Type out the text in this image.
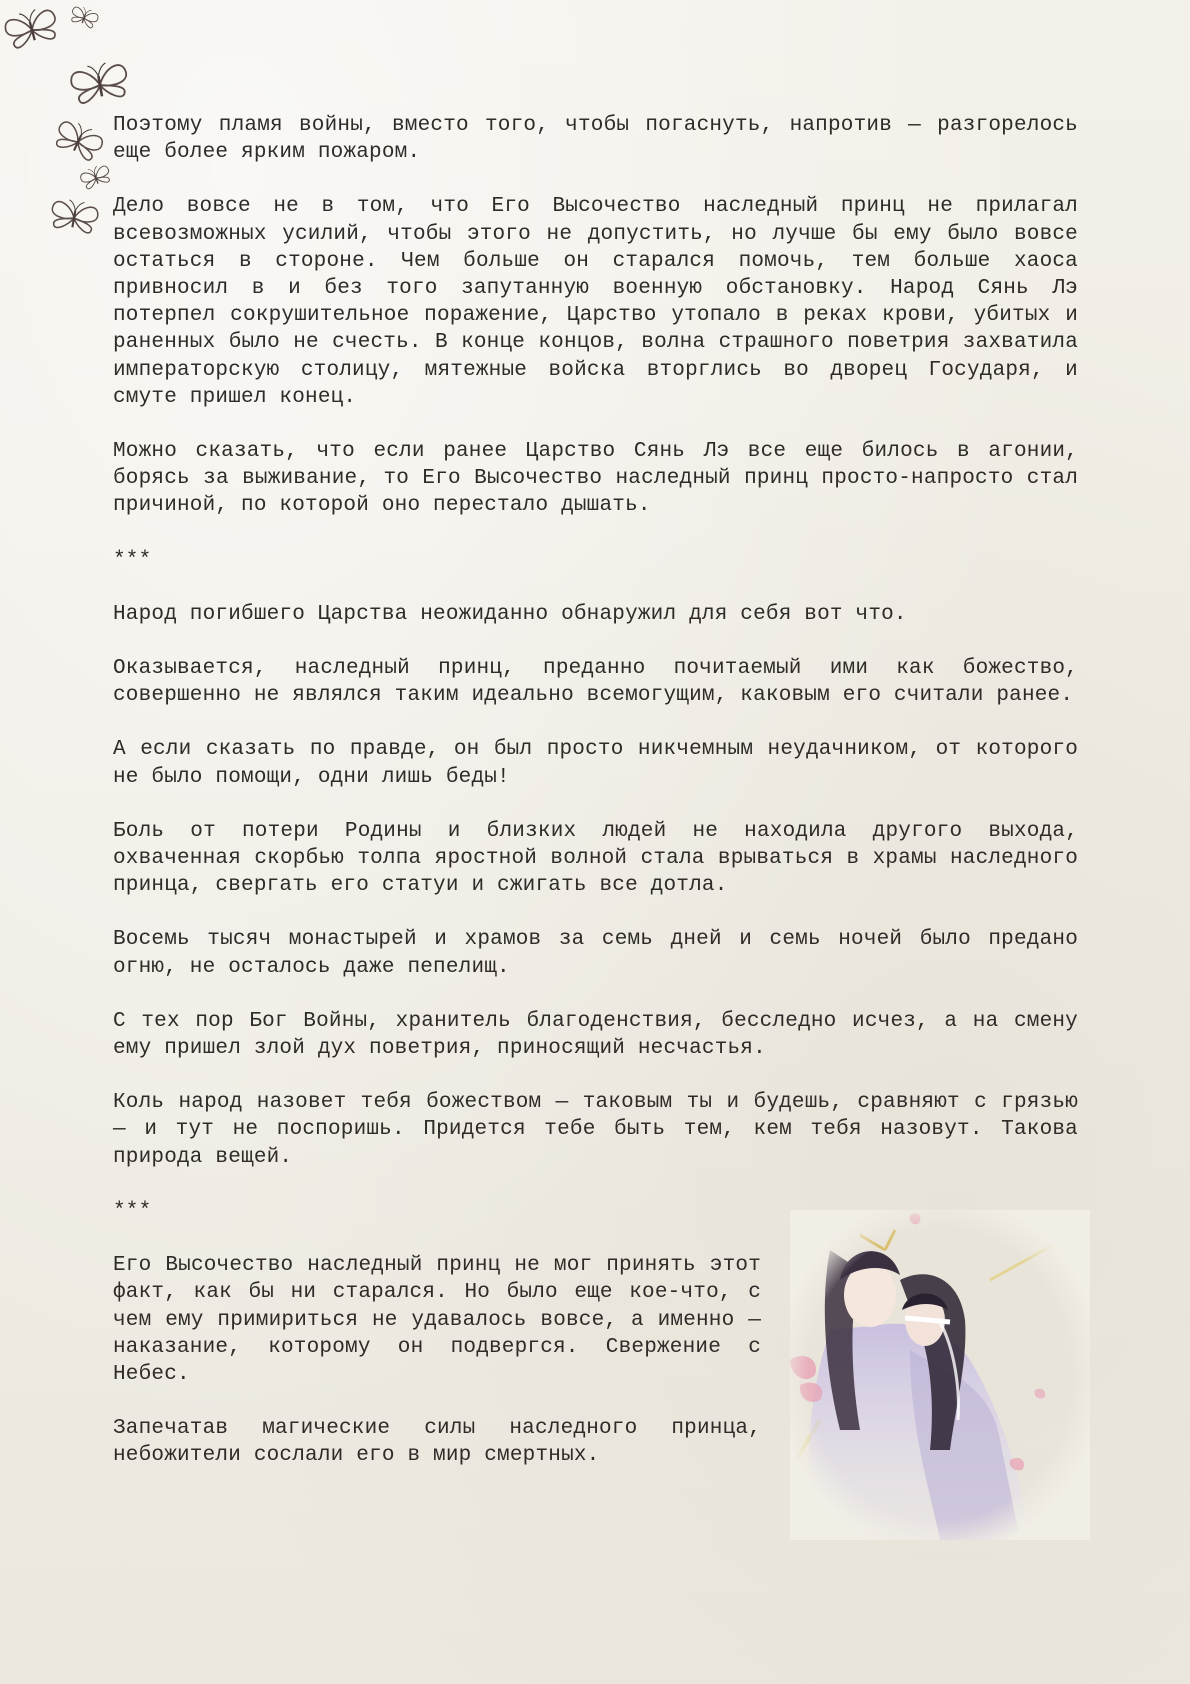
Поэтому пламя войны, вместо того, чтобы погаснуть, напротив — разгорелось еще более ярким пожаром.

Дело вовсе не в том, что Его Высочество наследный принц не прилагал всевозможных усилий, чтобы этого не допустить, но лучше бы ему было вовсе остаться в стороне. Чем больше он старался помочь, тем больше хаоса привносил в и без того запутанную военную обстановку. Народ Сянь Лэ потерпел сокрушительное поражение, Царство утопало в реках крови, убитых и раненных было не счесть. В конце концов, волна страшного поветрия захватила императорскую столицу, мятежные войска вторглись во дворец Государя, и смуте пришел конец.

Можно сказать, что если ранее Царство Сянь Лэ все еще билось в агонии, борясь за выживание, то Его Высочество наследный принц просто-напросто стал причиной, по которой оно перестало дышать.

***

Народ погибшего Царства неожиданно обнаружил для себя вот что.

Оказывается, наследный принц, преданно почитаемый ими как божество, совершенно не являлся таким идеально всемогущим, каковым его считали ранее.

А если сказать по правде, он был просто никчемным неудачником, от которого не было помощи, одни лишь беды!

Боль от потери Родины и близких людей не находила другого выхода, охваченная скорбью толпа яростной волной стала врываться в храмы наследного принца, свергать его статуи и сжигать все дотла.

Восемь тысяч монастырей и храмов за семь дней и семь ночей было предано огню, не осталось даже пепелищ.

С тех пор Бог Войны, хранитель благоденствия, бесследно исчез, а на смену ему пришел злой дух поветрия, приносящий несчастья.

Коль народ назовет тебя божеством — таковым ты и будешь, сравняют с грязью — и тут не поспоришь. Придется тебе быть тем, кем тебя назовут. Такова природа вещей.

***

Его Высочество наследный принц не мог принять этот факт, как бы ни старался. Но было еще кое-что, с чем ему примириться не удавалось вовсе, а именно — наказание, которому он подвергся. Свержение с Небес.

Запечатав магические силы наследного принца, небожители сослали его в мир смертных.
